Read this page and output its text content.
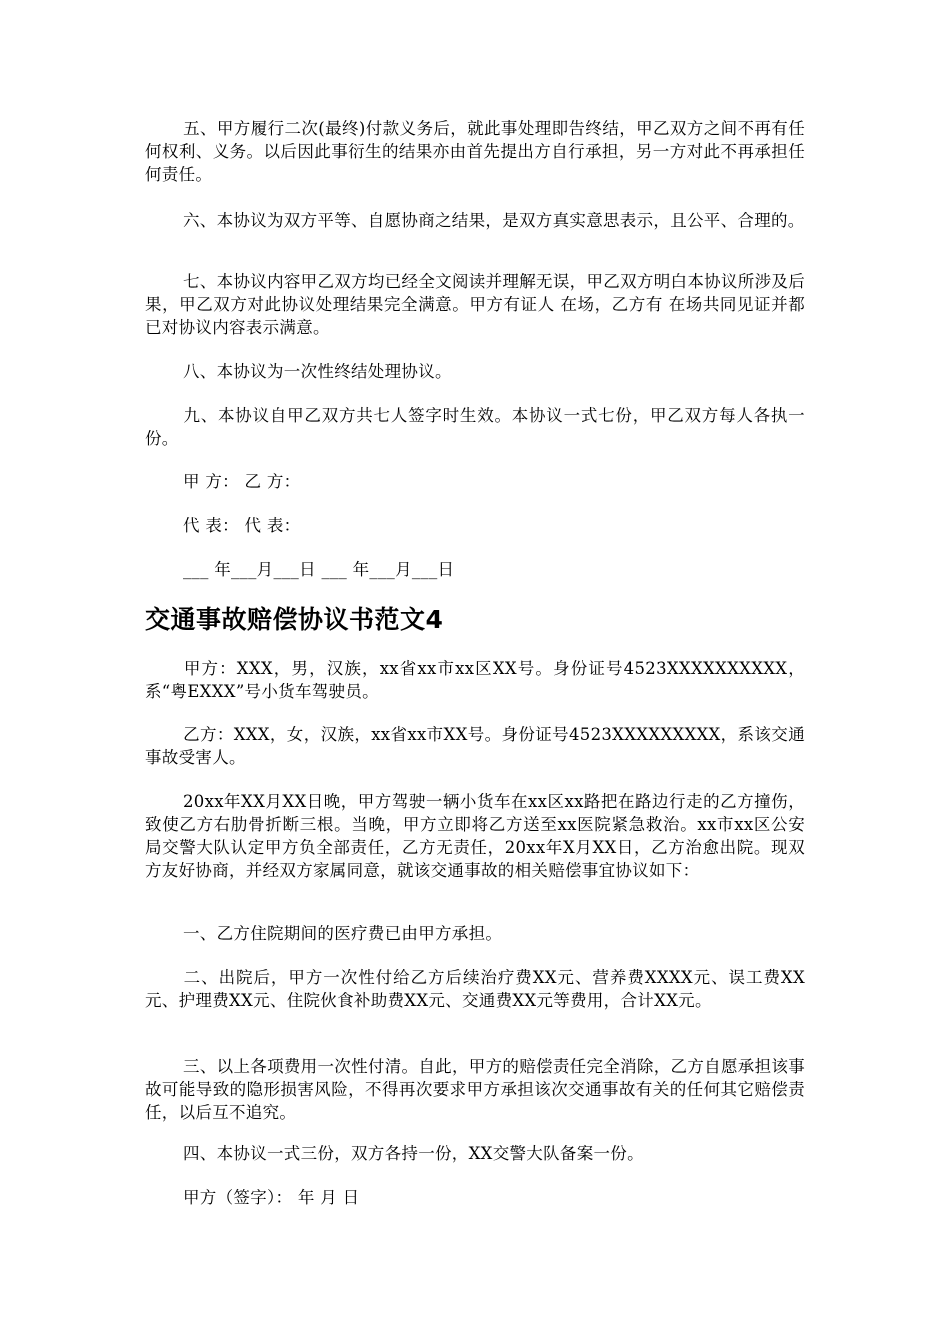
五、甲方履行二次(最终)付款义务后，就此事处理即告终结，甲乙双方之间不再有任何权利、义务。以后因此事衍生的结果亦由首先提出方自行承担，另一方对此不再承担任何责任。

六、本协议为双方平等、自愿协商之结果，是双方真实意思表示，且公平、合理的。

七、本协议内容甲乙双方均已经全文阅读并理解无误，甲乙双方明白本协议所涉及后果，甲乙双方对此协议处理结果完全满意。甲方有证人 在场，乙方有 在场共同见证并都已对协议内容表示满意。

八、本协议为一次性终结处理协议。

九、本协议自甲乙双方共七人签字时生效。本协议一式七份，甲乙双方每人各执一份。

甲 方： 乙 方：
代 表： 代 表：
___ 年___月___日 ___ 年___月___日
交通事故赔偿协议书范文4

甲方：XXX，男，汉族，xx省xx市xx区XX号。身份证号4523XXXXXXXXXX，系“粤EXXX”号小货车驾驶员。

乙方：XXX，女，汉族，xx省xx市XX号。身份证号4523XXXXXXXXX，系该交通事故受害人。

20xx年XX月XX日晚，甲方驾驶一辆小货车在xx区xx路把在路边行走的乙方撞伤，致使乙方右肋骨折断三根。当晚，甲方立即将乙方送至xx医院紧急救治。xx市xx区公安局交警大队认定甲方负全部责任，乙方无责任，20xx年X月XX日，乙方治愈出院。现双方友好协商，并经双方家属同意，就该交通事故的相关赔偿事宜协议如下：

一、乙方住院期间的医疗费已由甲方承担。

二、出院后，甲方一次性付给乙方后续治疗费XX元、营养费XXXX元、误工费XX元、护理费XX元、住院伙食补助费XX元、交通费XX元等费用，合计XX元。

三、以上各项费用一次性付清。自此，甲方的赔偿责任完全消除，乙方自愿承担该事故可能导致的隐形损害风险，不得再次要求甲方承担该次交通事故有关的任何其它赔偿责任，以后互不追究。

四、本协议一式三份，双方各持一份，XX交警大队备案一份。

甲方（签字）： 年 月 日
